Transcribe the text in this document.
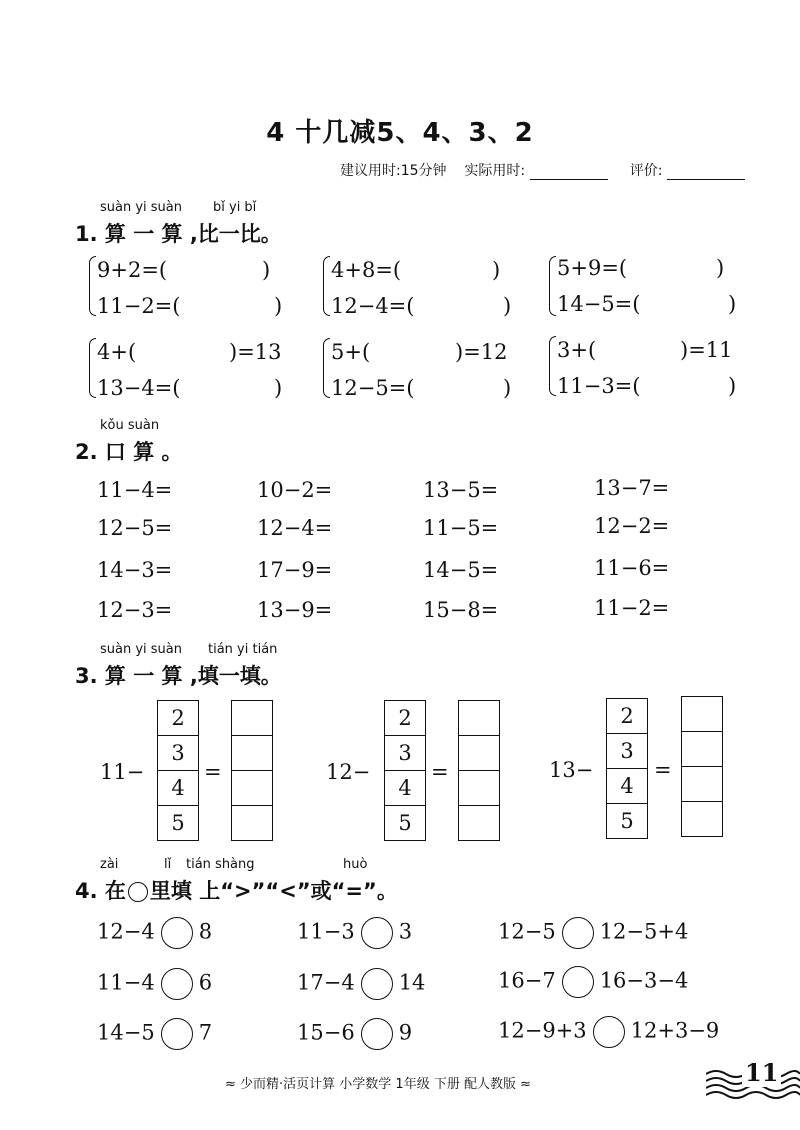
4 十几减5、4、3、2
建议用时:15分钟 实际用时:	评价:
suàn yi suàn bǐ yi bǐ
1. 算 一 算 ,比一比。
9+2=(	)
11−2=(	)
4+8=(	)
12−4=(	)
5+9=(	)
14−5=(	)
4+(	)=13
13−4=(	)
5+(	)=12
12−5=(	)
3+(	)=11
11−3=(	)
kǒu suàn
2. 口 算 。
11−4=	10−2=	13−5=	13−7=
12−5=	12−4=	11−5=	12−2=
14−3=	17−9=	14−5=	11−6=
12−3=	13−9=	15−8=	11−2=
suàn yi suàn tián yi tián
3. 算 一 算 ,填一填。
11−
2
3
4
5
=	12−
2
3
4
5
=	13−
2
3
4
5
=
zài	lǐ tián shàng	huò
4. 在 里填 上“>”“<”或“=”。
12−4 8	11−3 3	12−5 12−5+4
11−4 6	17−4 14	16−7 16−3−4
14−5 7	15−6 9	12−9+3 12+3−9
≈ 少而精·活页计算 小学数学 1年级 下册 配人教版 ≈	11
